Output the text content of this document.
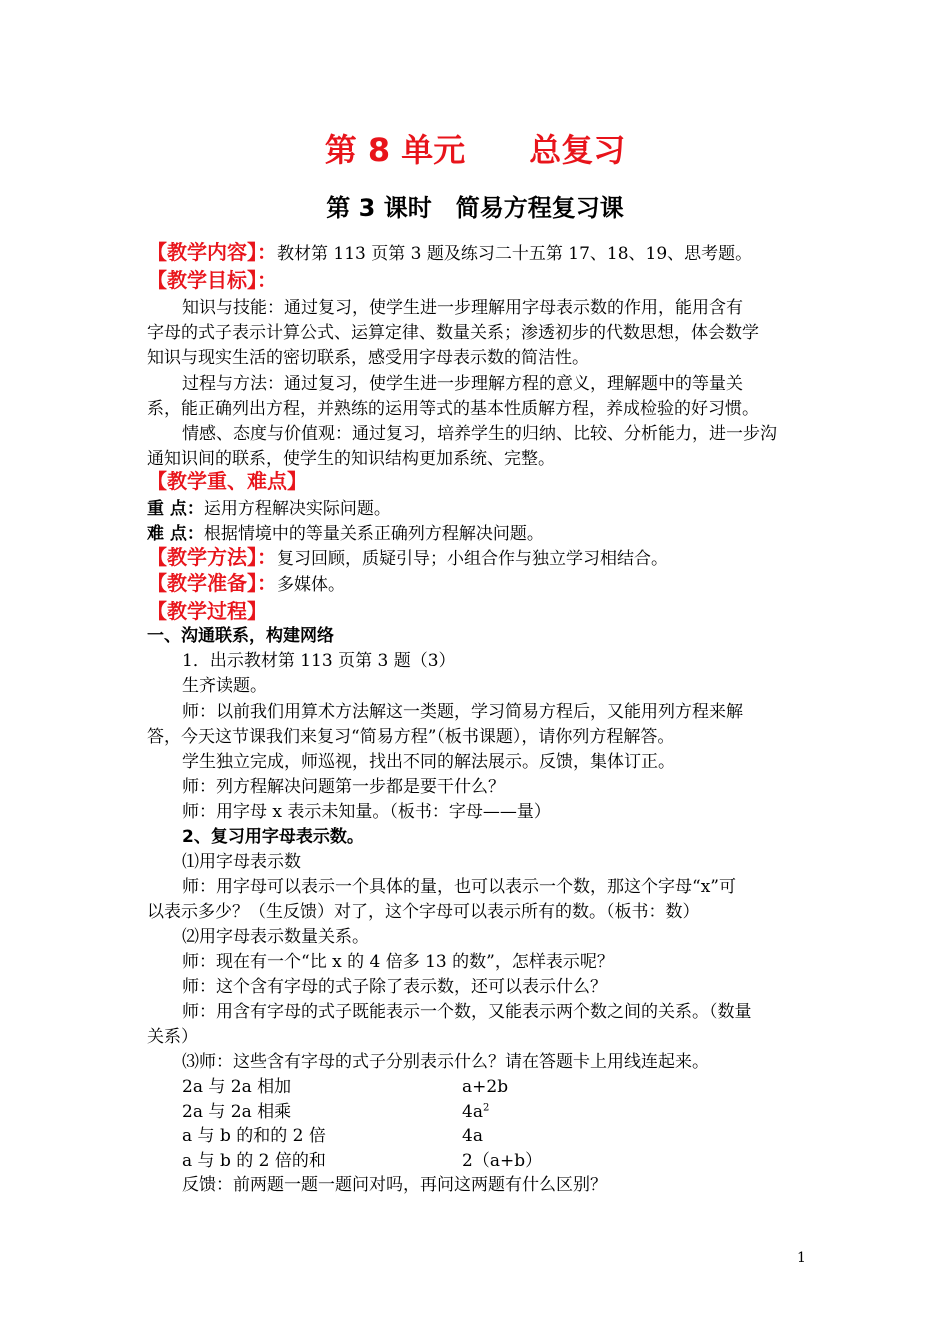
第 8 单元　　总复习
第 3 课时　简易方程复习课
【教学内容】：教材第 113 页第 3 题及练习二十五第 17、18、19、思考题。
【教学目标】：
知识与技能：通过复习，使学生进一步理解用字母表示数的作用，能用含有
字母的式子表示计算公式、运算定律、数量关系；渗透初步的代数思想，体会数学
知识与现实生活的密切联系，感受用字母表示数的简洁性。
过程与方法：通过复习，使学生进一步理解方程的意义，理解题中的等量关
系，能正确列出方程，并熟练的运用等式的基本性质解方程，养成检验的好习惯。
情感、态度与价值观：通过复习，培养学生的归纳、比较、分析能力，进一步沟
通知识间的联系，使学生的知识结构更加系统、完整。
【教学重、难点】
重 点：运用方程解决实际问题。
难 点：根据情境中的等量关系正确列方程解决问题。
【教学方法】：复习回顾，质疑引导；小组合作与独立学习相结合。
【教学准备】：多媒体。
【教学过程】
一、沟通联系，构建网络
1．出示教材第 113 页第 3 题（3）
生齐读题。
师：以前我们用算术方法解这一类题，学习简易方程后，又能用列方程来解
答，今天这节课我们来复习“简易方程”（板书课题），请你列方程解答。
学生独立完成，师巡视，找出不同的解法展示。反馈，集体订正。
师：列方程解决问题第一步都是要干什么？
师：用字母 x 表示未知量。（板书：字母——量）
2、复习用字母表示数。
⑴用字母表示数
师：用字母可以表示一个具体的量，也可以表示一个数，那这个字母“x”可
以表示多少？（生反馈）对了，这个字母可以表示所有的数。（板书：数）
⑵用字母表示数量关系。
师：现在有一个“比 x 的 4 倍多 13 的数”，怎样表示呢？
师：这个含有字母的式子除了表示数，还可以表示什么？
师：用含有字母的式子既能表示一个数，又能表示两个数之间的关系。（数量
关系）
⑶师：这些含有字母的式子分别表示什么？请在答题卡上用线连起来。
2a 与 2a 相加	a+2b
2a 与 2a 相乘	$4a^2$
a 与 b 的和的 2 倍	4a
a 与 b 的 2 倍的和	2（a+b）
反馈：前两题一题一题问对吗，再问这两题有什么区别？
1
